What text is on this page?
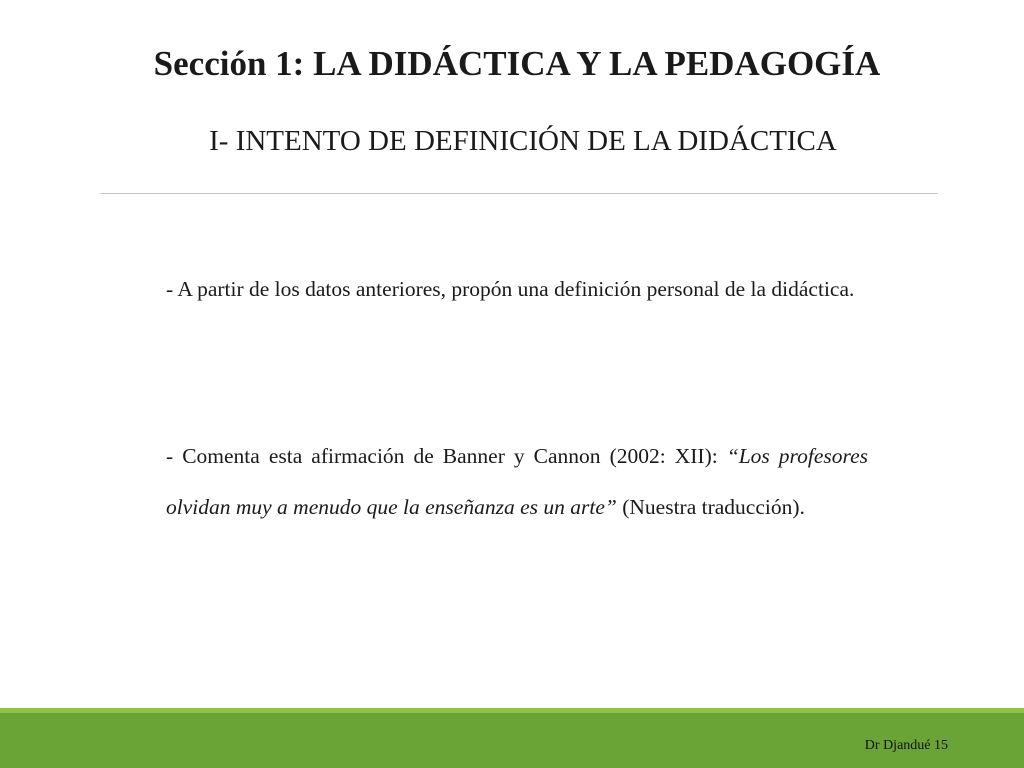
Sección 1: LA DIDÁCTICA Y LA PEDAGOGÍA
I- INTENTO DE DEFINICIÓN DE LA DIDÁCTICA

- A partir de los datos anteriores, propón una definición personal de la didáctica.

- Comenta esta afirmación de Banner y Cannon (2002: XII): “Los profesores olvidan muy a menudo que la enseñanza es un arte” (Nuestra traducción).

Dr Djandué 15
